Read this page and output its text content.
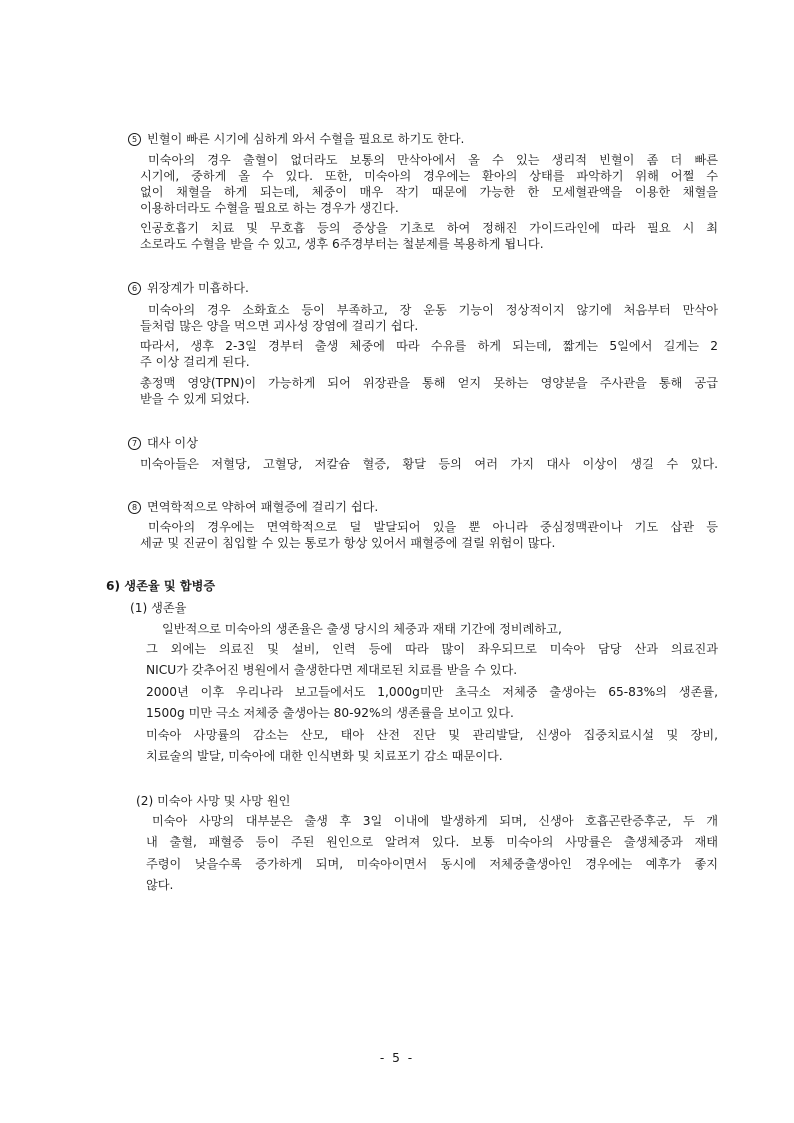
5 빈혈이 빠른 시기에 심하게 와서 수혈을 필요로 하기도 한다.
미숙아의 경우 출혈이 없더라도 보통의 만삭아에서 올 수 있는 생리적 빈혈이 좀 더 빠른
시기에, 중하게 올 수 있다. 또한, 미숙아의 경우에는 환아의 상태를 파악하기 위해 어쩔 수
없이 채혈을 하게 되는데, 체중이 매우 작기 때문에 가능한 한 모세혈관액을 이용한 채혈을
이용하더라도 수혈을 필요로 하는 경우가 생긴다.
인공호흡기 치료 및 무호흡 등의 증상을 기초로 하여 정해진 가이드라인에 따라 필요 시 최
소로라도 수혈을 받을 수 있고, 생후 6주경부터는 철분제를 복용하게 됩니다.
6 위장계가 미흡하다.
미숙아의 경우 소화효소 등이 부족하고, 장 운동 기능이 정상적이지 않기에 처음부터 만삭아
들처럼 많은 양을 먹으면 괴사성 장염에 걸리기 쉽다.
따라서, 생후 2-3일 경부터 출생 체중에 따라 수유를 하게 되는데, 짧게는 5일에서 길게는 2
주 이상 걸리게 된다.
총정맥 영양(TPN)이 가능하게 되어 위장관을 통해 얻지 못하는 영양분을 주사관을 통해 공급
받을 수 있게 되었다.
7 대사 이상
미숙아들은 저혈당, 고혈당, 저칼슘 혈증, 황달 등의 여러 가지 대사 이상이 생길 수 있다.
8 면역학적으로 약하여 패혈증에 걸리기 쉽다.
미숙아의 경우에는 면역학적으로 덜 발달되어 있을 뿐 아니라 중심정맥관이나 기도 삽관 등
세균 및 진균이 침입할 수 있는 통로가 항상 있어서 패혈증에 걸릴 위험이 많다.
6) 생존율 및 합병증
(1) 생존율
일반적으로 미숙아의 생존율은 출생 당시의 체중과 재태 기간에 정비례하고,
그 외에는 의료진 및 설비, 인력 등에 따라 많이 좌우되므로 미숙아 담당 산과 의료진과
NICU가 갖추어진 병원에서 출생한다면 제대로된 치료를 받을 수 있다.
2000년 이후 우리나라 보고들에서도 1,000g미만 초극소 저체중 출생아는 65-83%의 생존률,
1500g 미만 극소 저체중 출생아는 80-92%의 생존률을 보이고 있다.
미숙아 사망률의 감소는 산모, 태아 산전 진단 및 관리발달, 신생아 집중치료시설 및 장비,
치료술의 발달, 미숙아에 대한 인식변화 및 치료포기 감소 때문이다.
(2) 미숙아 사망 및 사망 원인
미숙아 사망의 대부분은 출생 후 3일 이내에 발생하게 되며, 신생아 호흡곤란증후군, 두 개
내 출혈, 패혈증 등이 주된 원인으로 알려져 있다. 보통 미숙아의 사망률은 출생체중과 재태
주령이 낮을수록 증가하게 되며, 미숙아이면서 동시에 저체중출생아인 경우에는 예후가 좋지
않다.
- 5 -
